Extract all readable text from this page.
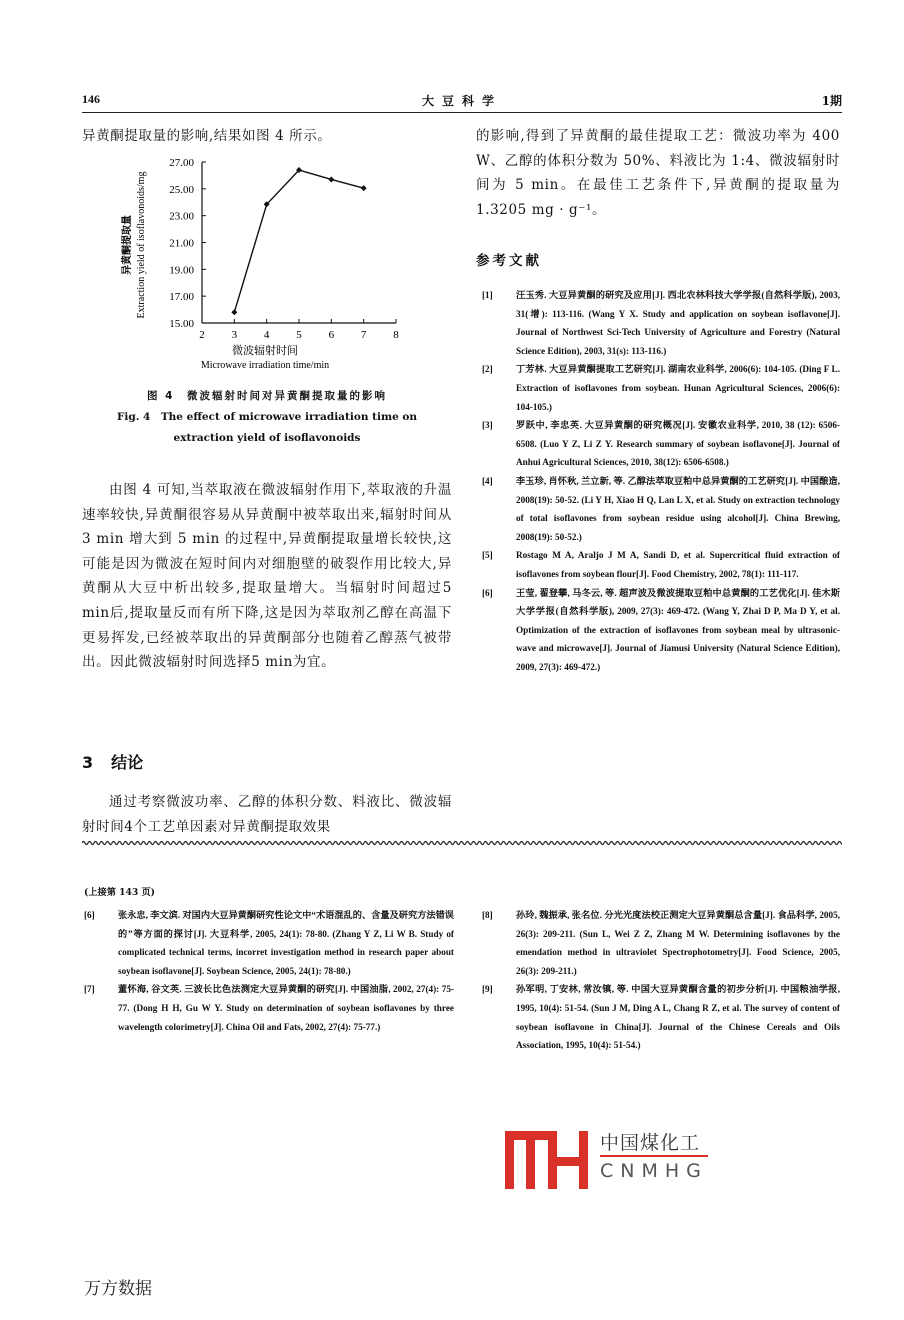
146	大豆科学	1期

异黄酮提取量的影响,结果如图 4 所示。

15.00
17.00
19.00
21.00
23.00
25.00
27.00
2 3 4 5 6 7 8
微波辐射时间
Microwave irradiation time/min
异黄酮提取量 Extraction yield of isoflavonoids/mg
图 4　微波辐射时间对异黄酮提取量的影响
Fig. 4　The effect of microwave irradiation time on
extraction yield of isoflavonoids

由图 4 可知,当萃取液在微波辐射作用下,萃取液的升温速率较快,异黄酮很容易从异黄酮中被萃取出来,辐射时间从 3 min 增大到 5 min 的过程中,异黄酮提取量增长较快,这可能是因为微波在短时间内对细胞壁的破裂作用比较大,异黄酮从大豆中析出较多,提取量增大。当辐射时间超过5 min后,提取量反而有所下降,这是因为萃取剂乙醇在高温下更易挥发,已经被萃取出的异黄酮部分也随着乙醇蒸气被带出。因此微波辐射时间选择5 min为宜。

3 结论

通过考察微波功率、乙醇的体积分数、料液比、微波辐射时间4个工艺单因素对异黄酮提取效果

的影响,得到了异黄酮的最佳提取工艺：微波功率为 400 W、乙醇的体积分数为 50%、料液比为 1:4、微波辐射时间为 5 min。在最佳工艺条件下,异黄酮的提取量为 1.3205 mg · g⁻¹。

参考文献
[1]	汪玉秀. 大豆异黄酮的研究及应用[J]. 西北农林科技大学学报(自然科学版), 2003, 31(增): 113-116. (Wang Y X. Study and application on soybean isoflavone[J]. Journal of Northwest Sci-Tech University of Agriculture and Forestry (Natural Science Edition), 2003, 31(s): 113-116.)
[2]	丁芳林. 大豆异黄酮提取工艺研究[J]. 湖南农业科学, 2006(6): 104-105. (Ding F L. Extraction of isoflavones from soybean. Hunan Agricultural Sciences, 2006(6): 104-105.)
[3]	罗跃中, 李忠英. 大豆异黄酮的研究概况[J]. 安徽农业科学, 2010, 38 (12): 6506-6508. (Luo Y Z, Li Z Y. Research summary of soybean isoflavone[J]. Journal of Anhui Agricultural Sciences, 2010, 38(12): 6506-6508.)
[4]	李玉珍, 肖怀秋, 兰立新, 等. 乙醇法萃取豆粕中总异黄酮的工艺研究[J]. 中国酿造, 2008(19): 50-52. (Li Y H, Xiao H Q, Lan L X, et al. Study on extraction technology of total isoflavones from soybean residue using alcohol[J]. China Brewing, 2008(19): 50-52.)
[5]	Rostago M A, Araljo J M A, Sandi D, et al. Supercritical fluid extraction of isoflavones from soybean flour[J]. Food Chemistry, 2002, 78(1): 111-117.
[6]	王莹, 翟登攀, 马冬云, 等. 超声波及微波提取豆粕中总黄酮的工艺优化[J]. 佳木斯大学学报(自然科学版), 2009, 27(3): 469-472. (Wang Y, Zhai D P, Ma D Y, et al. Optimization of the extraction of isoflavones from soybean meal by ultrasonic-wave and microwave[J]. Journal of Jiamusi University (Natural Science Edition), 2009, 27(3): 469-472.)
(上接第 143 页)
[6]	张永忠, 李文滨. 对国内大豆异黄酮研究性论文中“术语混乱的、含量及研究方法错误的”等方面的探讨[J]. 大豆科学, 2005, 24(1): 78-80. (Zhang Y Z, Li W B. Study of complicated technical terms, incorret investigation method in research paper about soybean isoflavone[J]. Soybean Science, 2005, 24(1): 78-80.)
[7]	董怀海, 谷文英. 三波长比色法测定大豆异黄酮的研究[J]. 中国油脂, 2002, 27(4): 75-77. (Dong H H, Gu W Y. Study on determination of soybean isoflavones by three wavelength colorimetry[J]. China Oil and Fats, 2002, 27(4): 75-77.)
[8]	孙玲, 魏振承, 张名位. 分光光度法校正测定大豆异黄酮总含量[J]. 食品科学, 2005, 26(3): 209-211. (Sun L, Wei Z Z, Zhang M W. Determining isoflavones by the emendation method in ultraviolet Spectrophotometry[J]. Food Science, 2005, 26(3): 209-211.)
[9]	孙军明, 丁安林, 常汝镇, 等. 中国大豆异黄酮含量的初步分析[J]. 中国粮油学报, 1995, 10(4): 51-54. (Sun J M, Ding A L, Chang R Z, et al. The survey of content of soybean isoflavone in China[J]. Journal of the Chinese Cereals and Oils Association, 1995, 10(4): 51-54.)
中国煤化工
CNMHG
万方数据
